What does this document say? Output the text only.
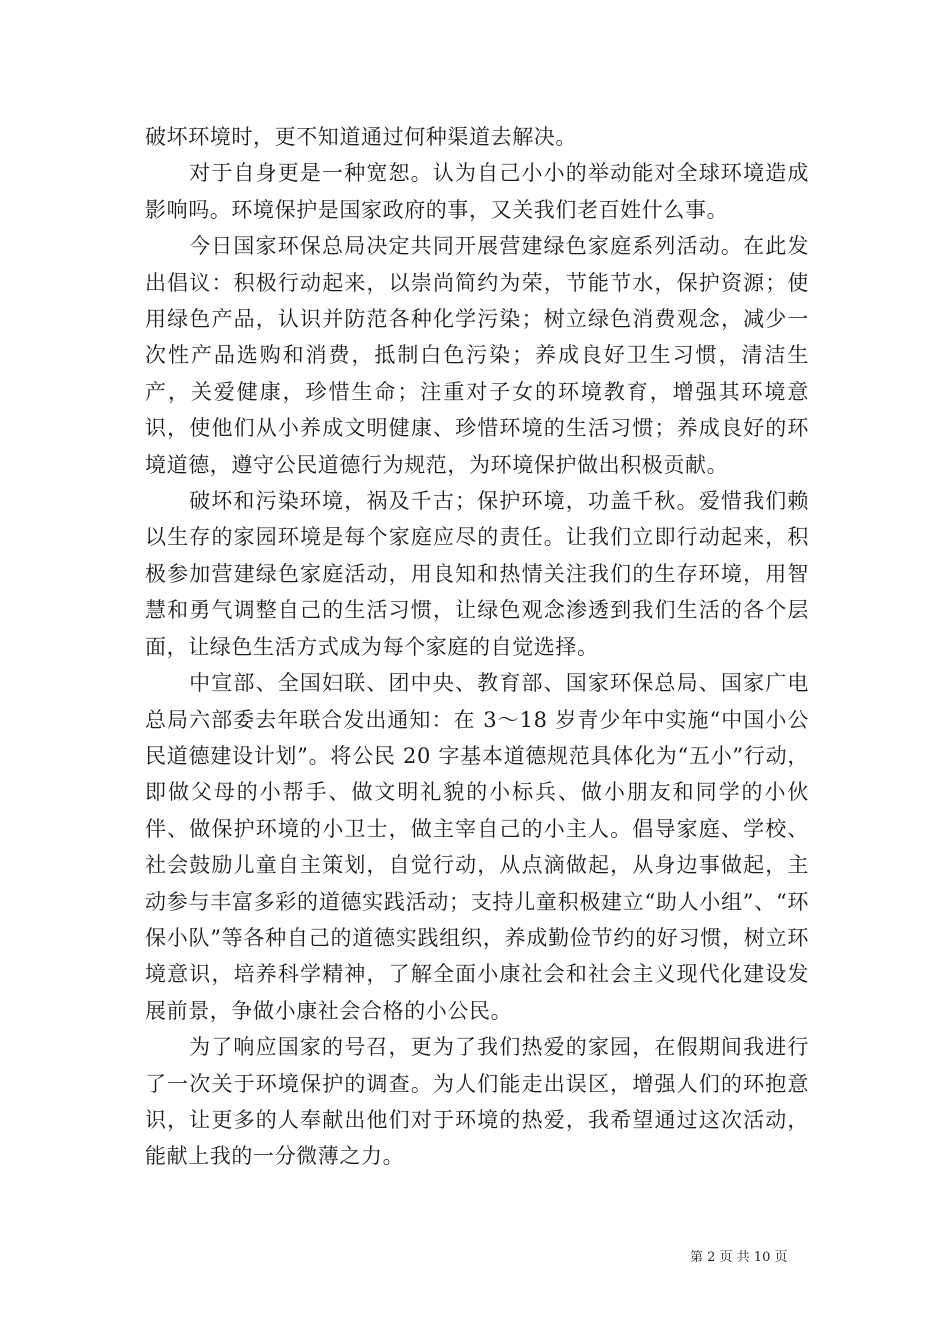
破坏环境时，更不知道通过何种渠道去解决。

对于自身更是一种宽恕。认为自己小小的举动能对全球环境造成影响吗。环境保护是国家政府的事，又关我们老百姓什么事。

今日国家环保总局决定共同开展营建绿色家庭系列活动。在此发出倡议：积极行动起来，以崇尚简约为荣，节能节水，保护资源；使用绿色产品，认识并防范各种化学污染；树立绿色消费观念，减少一次性产品选购和消费，抵制白色污染；养成良好卫生习惯，清洁生产，关爱健康，珍惜生命；注重对子女的环境教育，增强其环境意识，使他们从小养成文明健康、珍惜环境的生活习惯；养成良好的环境道德，遵守公民道德行为规范，为环境保护做出积极贡献。

破坏和污染环境，祸及千古；保护环境，功盖千秋。爱惜我们赖以生存的家园环境是每个家庭应尽的责任。让我们立即行动起来，积极参加营建绿色家庭活动，用良知和热情关注我们的生存环境，用智慧和勇气调整自己的生活习惯，让绿色观念渗透到我们生活的各个层面，让绿色生活方式成为每个家庭的自觉选择。

中宣部、全国妇联、团中央、教育部、国家环保总局、国家广电总局六部委去年联合发出通知：在 3～18 岁青少年中实施“中国小公民道德建设计划”。将公民 20 字基本道德规范具体化为“五小”行动，即做父母的小帮手、做文明礼貌的小标兵、做小朋友和同学的小伙伴、做保护环境的小卫士，做主宰自己的小主人。倡导家庭、学校、社会鼓励儿童自主策划，自觉行动，从点滴做起，从身边事做起，主动参与丰富多彩的道德实践活动；支持儿童积极建立“助人小组”、“环保小队”等各种自己的道德实践组织，养成勤俭节约的好习惯，树立环境意识，培养科学精神，了解全面小康社会和社会主义现代化建设发展前景，争做小康社会合格的小公民。

为了响应国家的号召，更为了我们热爱的家园，在假期间我进行了一次关于环境保护的调查。为人们能走出误区，增强人们的环抱意识，让更多的人奉献出他们对于环境的热爱，我希望通过这次活动，能献上我的一分微薄之力。

第 2 页 共 10 页
